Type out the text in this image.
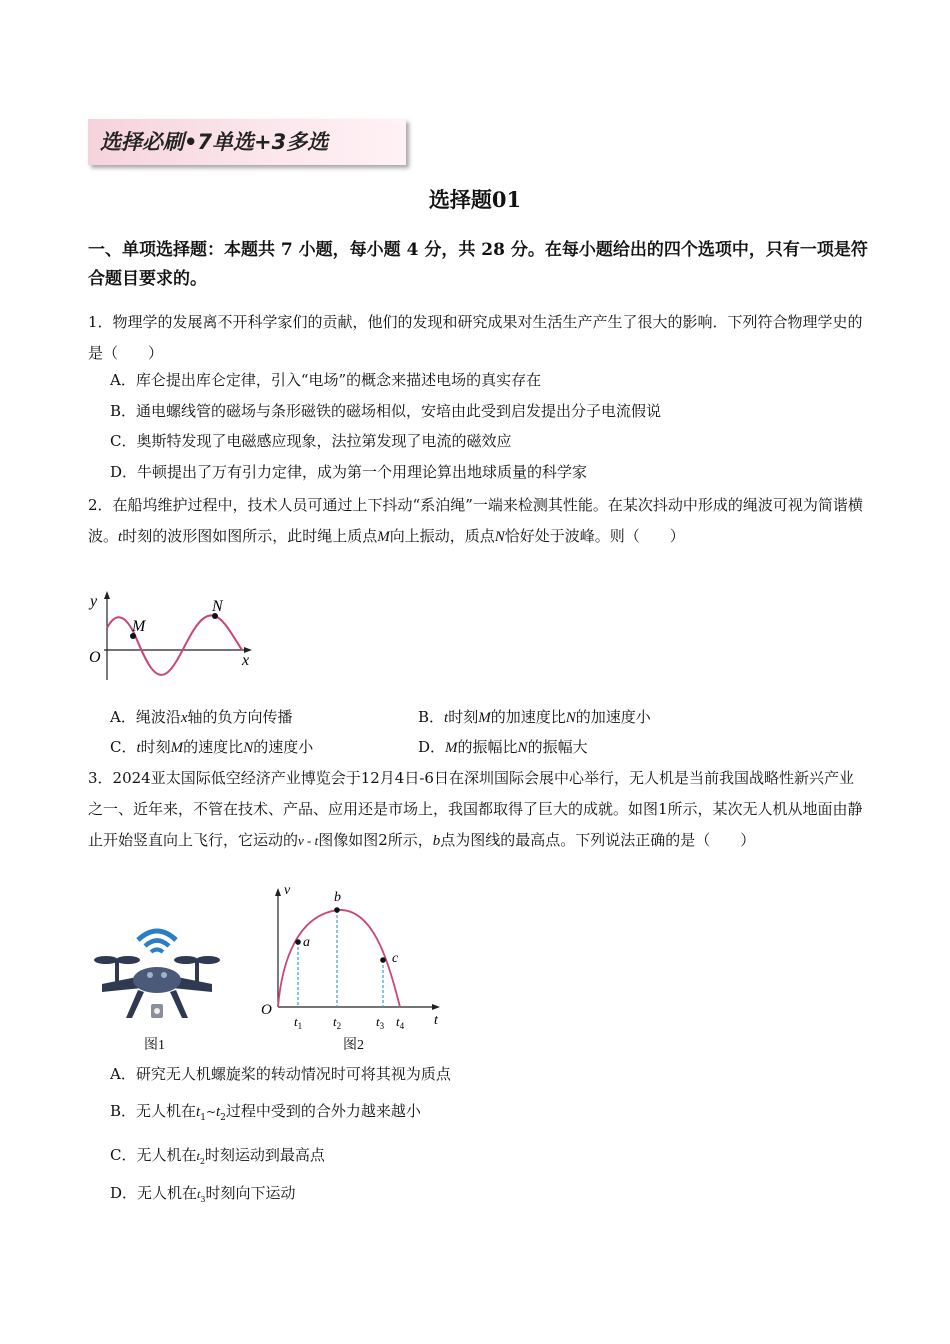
选择必刷•7单选+3多选
选择题01
一、单项选择题：本题共 7 小题，每小题 4 分，共 28 分。在每小题给出的四个选项中，只有一项是符合题目要求的。
1．物理学的发展离不开科学家们的贡献，他们的发现和研究成果对生活生产产生了很大的影响．下列符合物理学史的是（　　）
A．库仑提出库仑定律，引入“电场”的概念来描述电场的真实存在
B．通电螺线管的磁场与条形磁铁的磁场相似，安培由此受到启发提出分子电流假说
C．奥斯特发现了电磁感应现象，法拉第发现了电流的磁效应
D．牛顿提出了万有引力定律，成为第一个用理论算出地球质量的科学家
2．在船坞维护过程中，技术人员可通过上下抖动“系泊绳”一端来检测其性能。在某次抖动中形成的绳波可视为简谐横波。t时刻的波形图如图所示，此时绳上质点M向上振动，质点N恰好处于波峰。则（　　）
y
M
N
O	x
A．绳波沿x轴的负方向传播	B．t时刻M的加速度比N的加速度小
C．t时刻M的速度比N的速度小	D．M的振幅比N的振幅大
3．2024亚太国际低空经济产业博览会于12月4日-6日在深圳国际会展中心举行，无人机是当前我国战略性新兴产业之一、近年来，不管在技术、产品、应用还是市场上，我国都取得了巨大的成就。如图1所示，某次无人机从地面由静止开始竖直向上飞行，它运动的v - t图像如图2所示，b点为图线的最高点。下列说法正确的是（　　）
图1
v
O
t
a
b
c
$t_1$ $t_2$	$t_3$ $t_4$
图2
A．研究无人机螺旋桨的转动情况时可将其视为质点
B．无人机在$t_1\sim t_2$过程中受到的合外力越来越小
C．无人机在$t_2$时刻运动到最高点
D．无人机在$t_3$时刻向下运动
